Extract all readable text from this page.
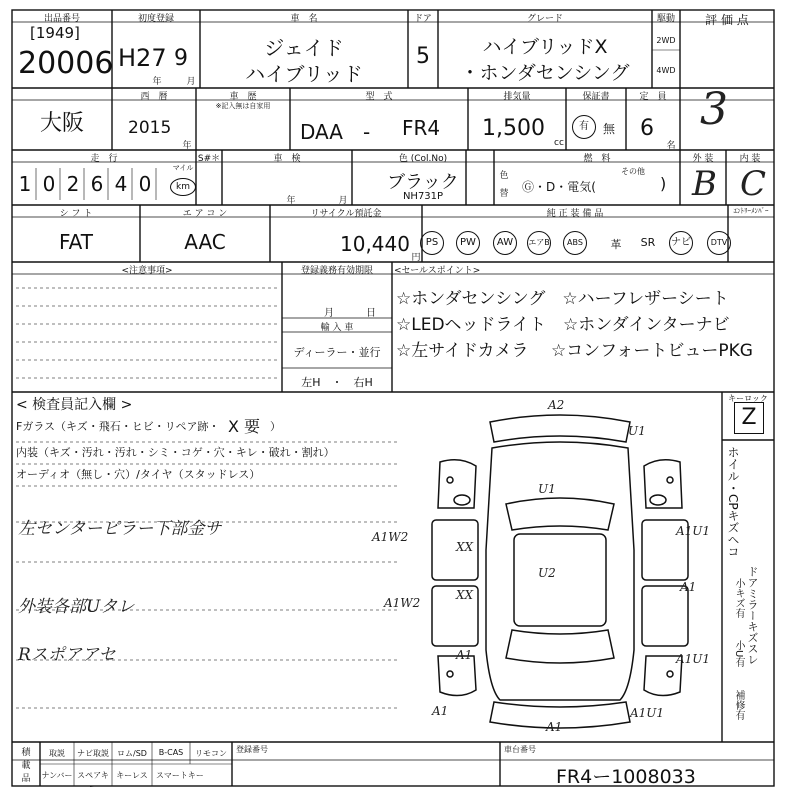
出品番号
[1949]
20006
初度登録
H27 9
年	月
車　名
ジェイド
ハイブリッド
ドア
5
グレード
ハイブリッドX
・ホンダセンシング
駆動
2WD
4WD
評 価 点
3
大阪
西　暦
2015
年
車　歴
※記入無は自家用
型　式
DAA　- FR4
排気量
1,500
cc
保証書
有	無
定　員
6
名
走　行
1 0 2 6 4 0
マイル
km
S#＊	車　検
年	月
色 (Col.No)
ブラック
NH731P
色
替
燃　料
Ⓖ・D・電気(
その他
)
外 装	内 装
B C
シ フ ト
FAT
エ ア コ ン
AAC
リサイクル預託金
10,440
円
純 正 装 備 品	ｴﾝﾄﾘｰﾒﾝﾊﾞｰ
PS	PW	AW	エアB	ABS	革	SR	ナビ	DTV
<注意事項>	登録義務有効期限
月	日
輸 入 車
ディーラー・並行
左H　・　右H
<セールスポイント>
☆ホンダセンシング　☆ハーフレザーシート
☆LEDヘッドライト　☆ホンダインターナビ
☆左サイドカメラ　 ☆コンフォートビューPKG
< 検査員記入欄 >
Fガラス（キズ・飛石・ヒビ・リペア跡・ X 要 ）
内装（キズ・汚れ・汚れ・シミ・コゲ・穴・キレ・破れ・割れ）
オーディオ（無し・穴）/タイヤ（スタッドレス）
左センターピラー下部金サ
外装各部Uタレ
Rスポアアセ
キーロック
Z
ホイル・CPキズヘコ
ドアミラーキズスレ
小キズ有
小U有
補修有
A2
U1
U1
U2
XX
XX
A1
A1
A1
A1U1
A1U1
A1U1
A1W2
A1W2
A1
積
載
品
取説	ナビ取説	ロム/SD	B-CAS	リモコン
ナンバー スペアキー
キーレス	スマートキー
登録番号	車台番号
FR4ー1008033
